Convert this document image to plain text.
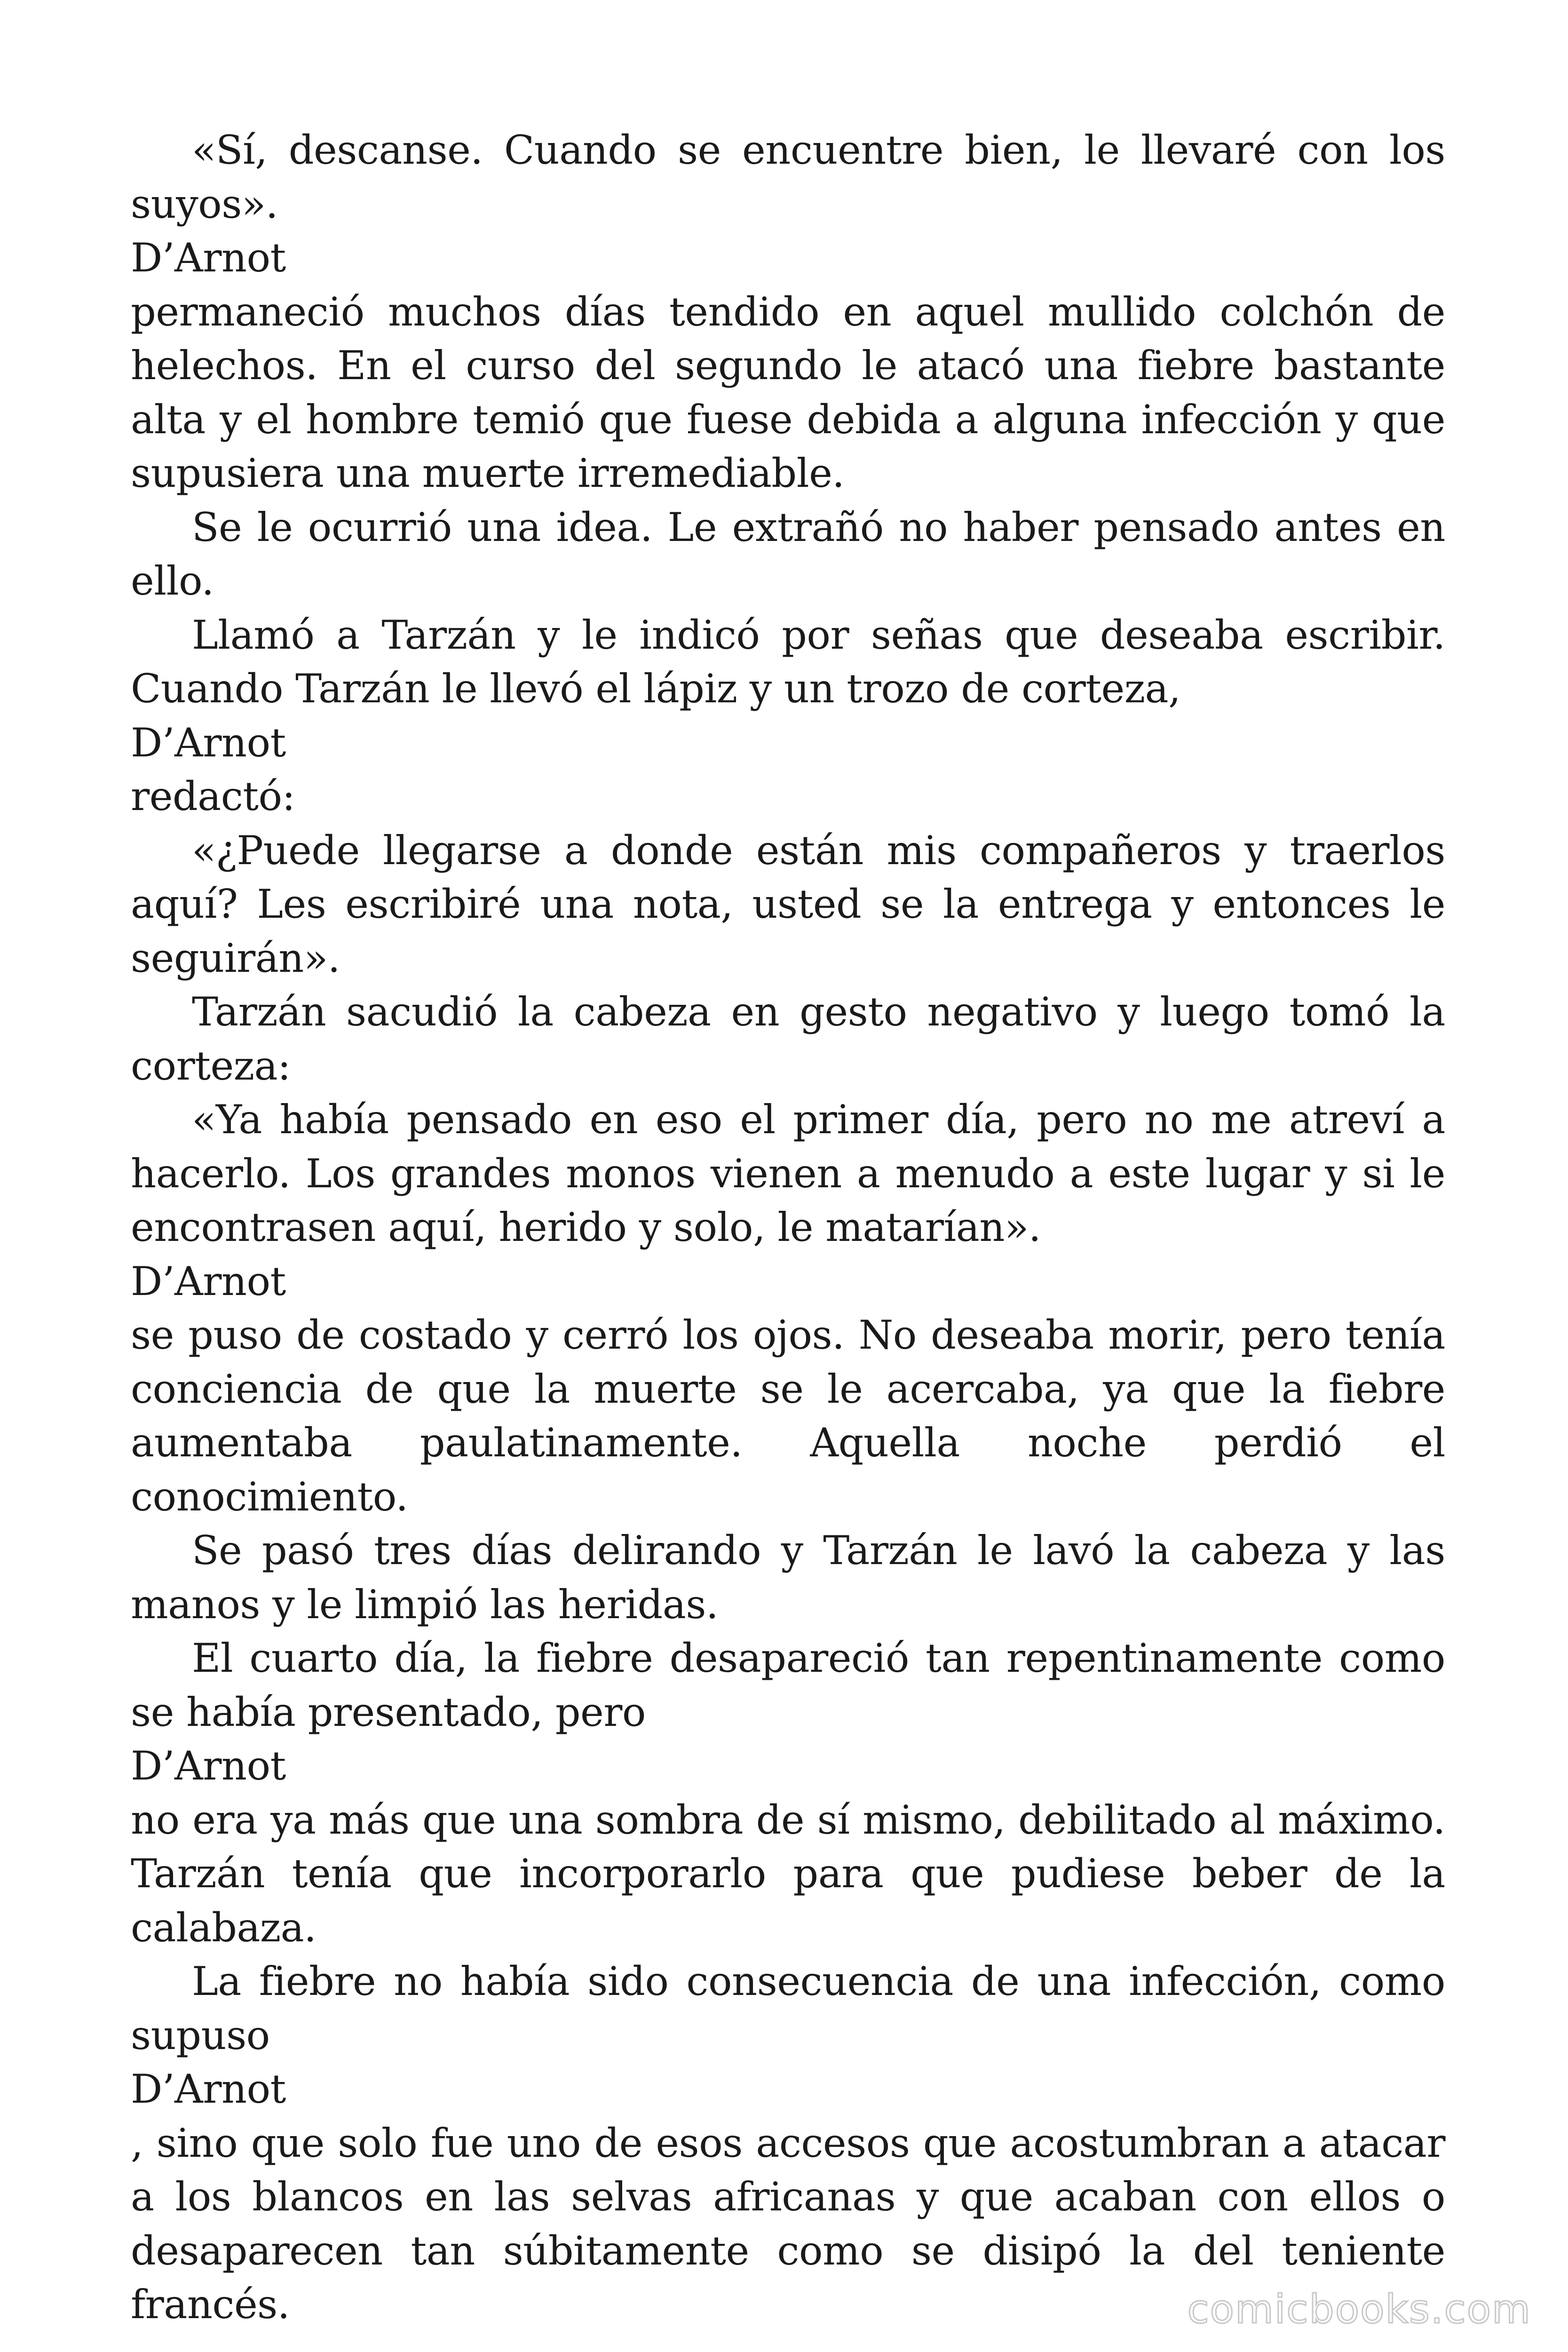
«Sí, descanse. Cuando se encuentre bien, le llevaré con los suyos».

D’Arnot

permaneció muchos días tendido en aquel mullido colchón de helechos. En el curso del segundo le atacó una fiebre bastante alta y el hombre temió que fuese debida a alguna infección y que supusiera una muerte irremediable.

Se le ocurrió una idea. Le extrañó no haber pensado antes en ello.

Llamó a Tarzán y le indicó por señas que deseaba escribir. Cuando Tarzán le llevó el lápiz y un trozo de corteza,

D’Arnot

redactó:

«¿Puede llegarse a donde están mis compañeros y traerlos aquí? Les escribiré una nota, usted se la entrega y entonces le seguirán».

Tarzán sacudió la cabeza en gesto negativo y luego tomó la corteza:

«Ya había pensado en eso el primer día, pero no me atreví a hacerlo. Los grandes monos vienen a menudo a este lugar y si le encontrasen aquí, herido y solo, le matarían».

D’Arnot

se puso de costado y cerró los ojos. No deseaba morir, pero tenía conciencia de que la muerte se le acercaba, ya que la fiebre aumentaba paulatinamente. Aquella noche perdió el conocimiento.

Se pasó tres días delirando y Tarzán le lavó la cabeza y las manos y le limpió las heridas.

El cuarto día, la fiebre desapareció tan repentinamente como se había presentado, pero

D’Arnot

no era ya más que una sombra de sí mismo, debilitado al máximo. Tarzán tenía que incorporarlo para que pudiese beber de la calabaza.

La fiebre no había sido consecuencia de una infección, como supuso

D’Arnot

, sino que solo fue uno de esos accesos que acostumbran a atacar a los blancos en las selvas africanas y que acaban con ellos o desaparecen tan súbitamente como se disipó la del teniente francés.	comicbooks.com
